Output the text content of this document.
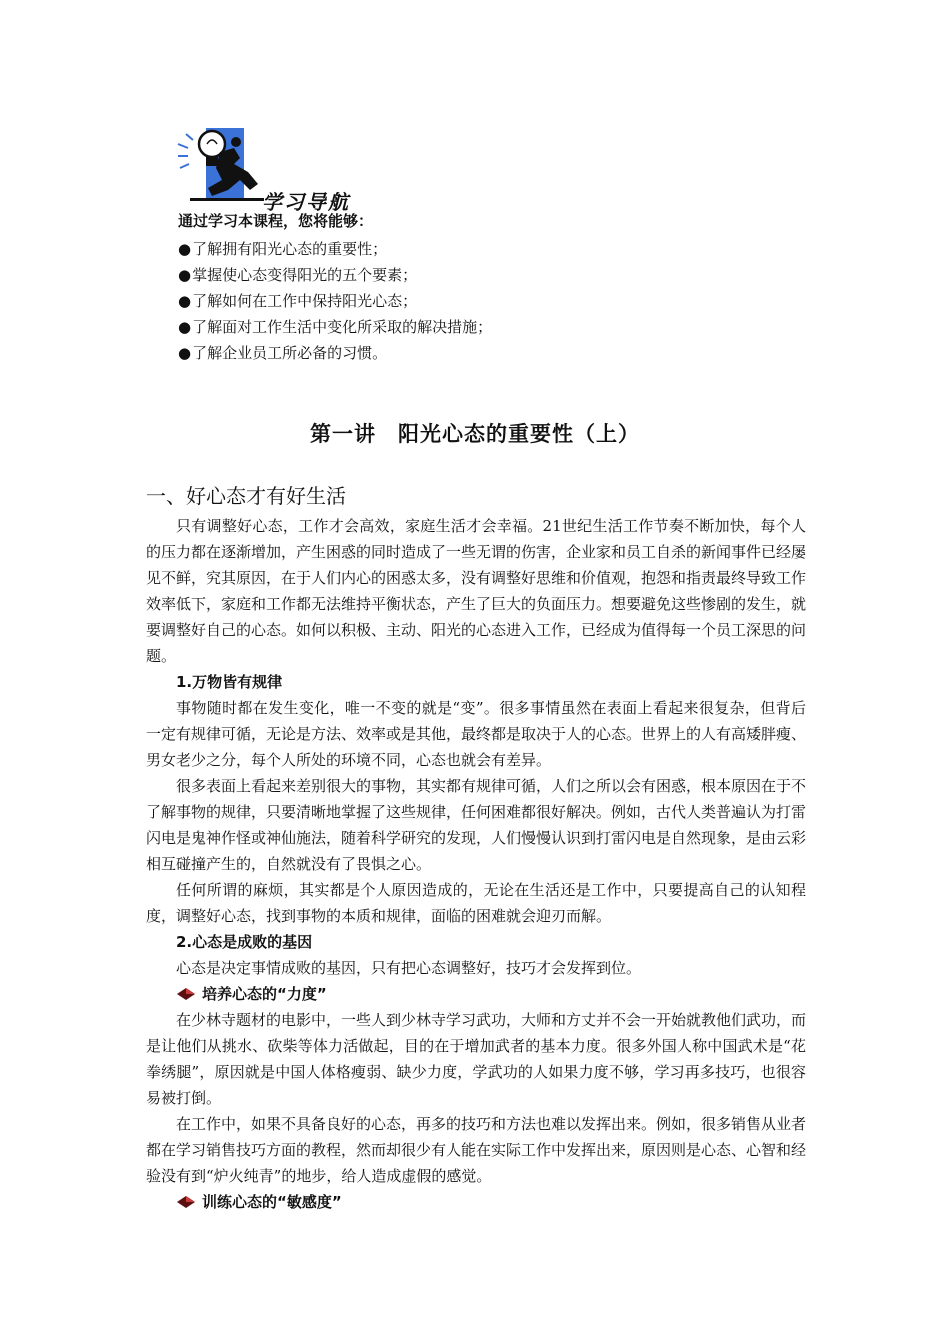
学习导航
通过学习本课程，您将能够：
●了解拥有阳光心态的重要性；
●掌握使心态变得阳光的五个要素；
●了解如何在工作中保持阳光心态；
●了解面对工作生活中变化所采取的解决措施；
●了解企业员工所必备的习惯。
第一讲　阳光心态的重要性（上）
一、好心态才有好生活

只有调整好心态，工作才会高效，家庭生活才会幸福。21世纪生活工作节奏不断加快，每个人的压力都在逐渐增加，产生困惑的同时造成了一些无谓的伤害，企业家和员工自杀的新闻事件已经屡见不鲜，究其原因，在于人们内心的困惑太多，没有调整好思维和价值观，抱怨和指责最终导致工作效率低下，家庭和工作都无法维持平衡状态，产生了巨大的负面压力。想要避免这些惨剧的发生，就要调整好自己的心态。如何以积极、主动、阳光的心态进入工作，已经成为值得每一个员工深思的问题。

1.万物皆有规律

事物随时都在发生变化，唯一不变的就是“变”。很多事情虽然在表面上看起来很复杂，但背后一定有规律可循，无论是方法、效率或是其他，最终都是取决于人的心态。世界上的人有高矮胖瘦、男女老少之分，每个人所处的环境不同，心态也就会有差异。

很多表面上看起来差别很大的事物，其实都有规律可循，人们之所以会有困惑，根本原因在于不了解事物的规律，只要清晰地掌握了这些规律，任何困难都很好解决。例如，古代人类普遍认为打雷闪电是鬼神作怪或神仙施法，随着科学研究的发现，人们慢慢认识到打雷闪电是自然现象，是由云彩相互碰撞产生的，自然就没有了畏惧之心。

任何所谓的麻烦，其实都是个人原因造成的，无论在生活还是工作中，只要提高自己的认知程度，调整好心态，找到事物的本质和规律，面临的困难就会迎刃而解。

2.心态是成败的基因

心态是决定事情成败的基因，只有把心态调整好，技巧才会发挥到位。

培养心态的“力度”

在少林寺题材的电影中，一些人到少林寺学习武功，大师和方丈并不会一开始就教他们武功，而是让他们从挑水、砍柴等体力活做起，目的在于增加武者的基本力度。很多外国人称中国武术是“花拳绣腿”，原因就是中国人体格瘦弱、缺少力度，学武功的人如果力度不够，学习再多技巧，也很容易被打倒。

在工作中，如果不具备良好的心态，再多的技巧和方法也难以发挥出来。例如，很多销售从业者都在学习销售技巧方面的教程，然而却很少有人能在实际工作中发挥出来，原因则是心态、心智和经验没有到“炉火纯青”的地步，给人造成虚假的感觉。

训练心态的“敏感度”
